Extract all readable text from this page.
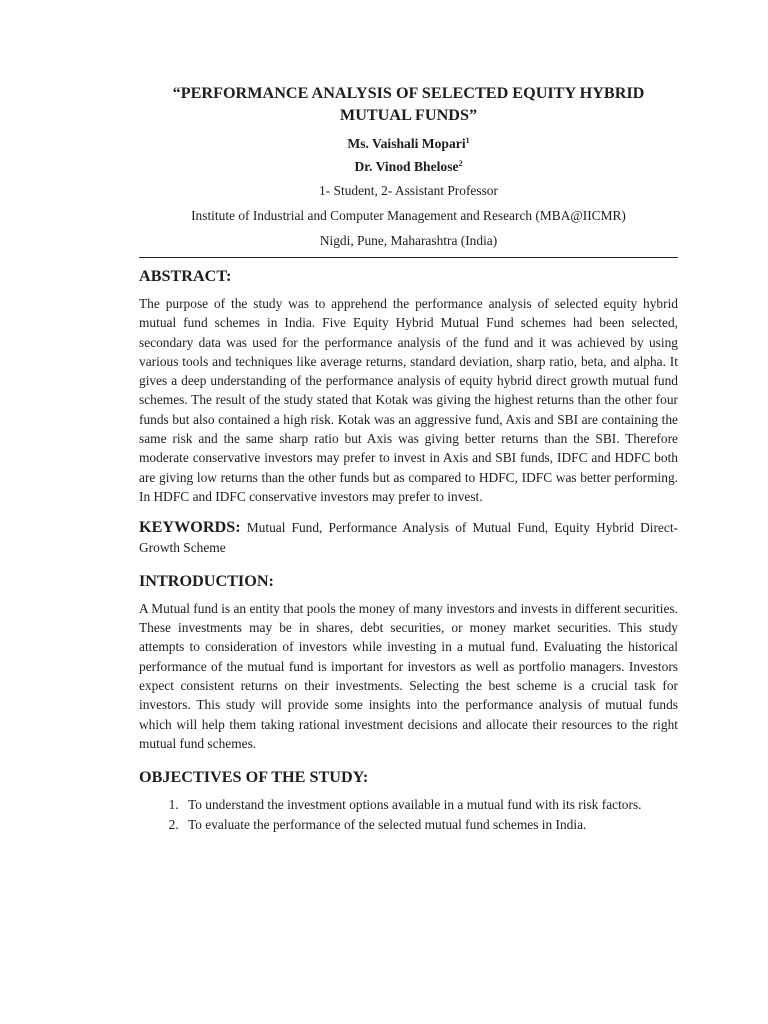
“PERFORMANCE ANALYSIS OF SELECTED EQUITY HYBRID
MUTUAL FUNDS”
Ms. Vaishali Mopari$^1$
Dr. Vinod Bhelose$^2$
1- Student, 2- Assistant Professor
Institute of Industrial and Computer Management and Research (MBA@IICMR)
Nigdi, Pune, Maharashtra (India)
ABSTRACT:

The purpose of the study was to apprehend the performance analysis of selected equity hybrid mutual fund schemes in India. Five Equity Hybrid Mutual Fund schemes had been selected, secondary data was used for the performance analysis of the fund and it was achieved by using various tools and techniques like average returns, standard deviation, sharp ratio, beta, and alpha. It gives a deep understanding of the performance analysis of equity hybrid direct growth mutual fund schemes. The result of the study stated that Kotak was giving the highest returns than the other four funds but also contained a high risk. Kotak was an aggressive fund, Axis and SBI are containing the same risk and the same sharp ratio but Axis was giving better returns than the SBI. Therefore moderate conservative investors may prefer to invest in Axis and SBI funds, IDFC and HDFC both are giving low returns than the other funds but as compared to HDFC, IDFC was better performing. In HDFC and IDFC conservative investors may prefer to invest.

KEYWORDS: Mutual Fund, Performance Analysis of Mutual Fund, Equity Hybrid Direct-Growth Scheme
INTRODUCTION:

A Mutual fund is an entity that pools the money of many investors and invests in different securities. These investments may be in shares, debt securities, or money market securities. This study attempts to consideration of investors while investing in a mutual fund. Evaluating the historical performance of the mutual fund is important for investors as well as portfolio managers. Investors expect consistent returns on their investments. Selecting the best scheme is a crucial task for investors. This study will provide some insights into the performance analysis of mutual funds which will help them taking rational investment decisions and allocate their resources to the right mutual fund schemes.

OBJECTIVES OF THE STUDY:
1. To understand the investment options available in a mutual fund with its risk factors.
2. To evaluate the performance of the selected mutual fund schemes in India.
